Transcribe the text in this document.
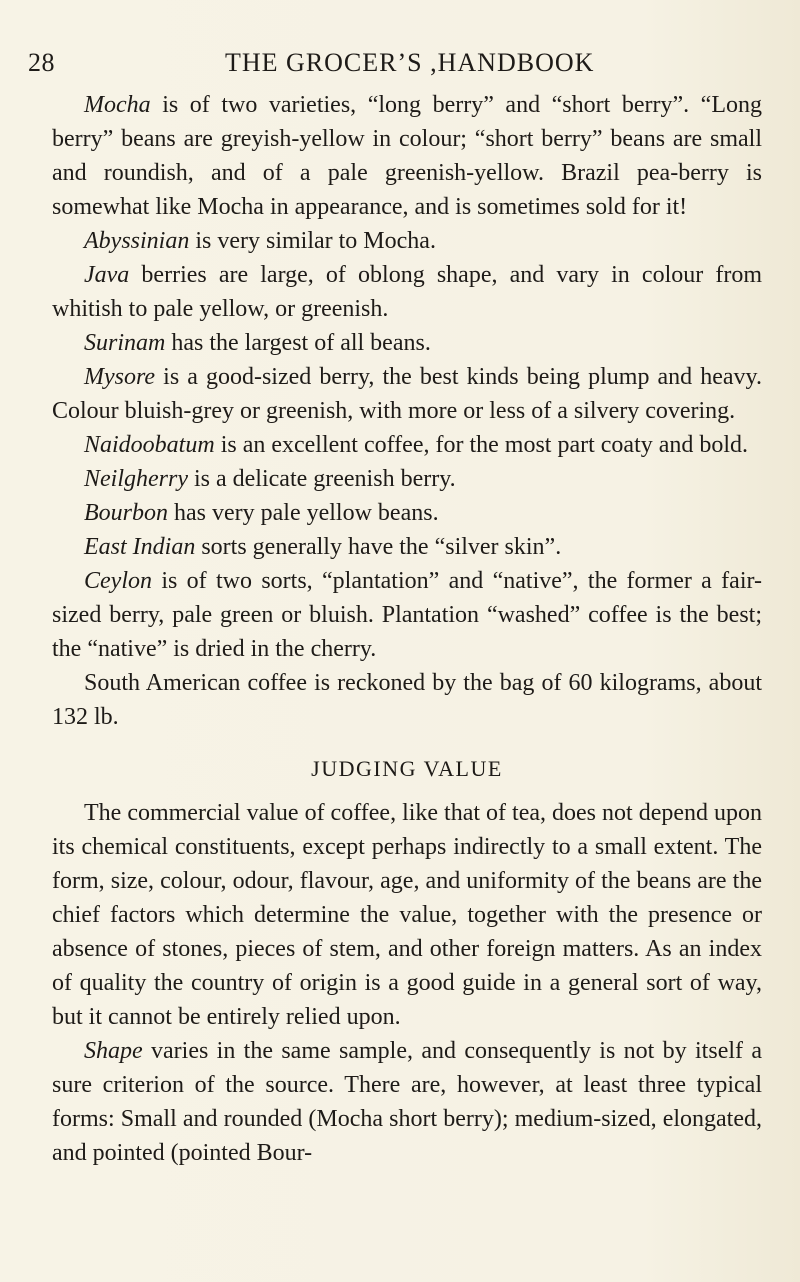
28	THE GROCER’S ,HANDBOOK

Mocha is of two varieties, “long berry” and “short berry”. “Long berry” beans are greyish-yellow in colour; “short berry” beans are small and roundish, and of a pale greenish-yellow. Brazil pea-berry is somewhat like Mocha in appearance, and is sometimes sold for it!

Abyssinian is very similar to Mocha.

Java berries are large, of oblong shape, and vary in colour from whitish to pale yellow, or greenish.

Surinam has the largest of all beans.

Mysore is a good-sized berry, the best kinds being plump and heavy. Colour bluish-grey or greenish, with more or less of a silvery covering.

Naidoobatum is an excellent coffee, for the most part coaty and bold.

Neilgherry is a delicate greenish berry.

Bourbon has very pale yellow beans.

East Indian sorts generally have the “silver skin”.

Ceylon is of two sorts, “plantation” and “native”, the former a fair-sized berry, pale green or bluish. Plantation “washed” coffee is the best; the “native” is dried in the cherry.

South American coffee is reckoned by the bag of 60 kilograms, about 132 lb.

JUDGING VALUE

The commercial value of coffee, like that of tea, does not depend upon its chemical constituents, except perhaps indirectly to a small extent. The form, size, colour, odour, flavour, age, and uniformity of the beans are the chief factors which determine the value, together with the presence or absence of stones, pieces of stem, and other foreign matters. As an index of quality the country of origin is a good guide in a general sort of way, but it cannot be entirely relied upon.

Shape varies in the same sample, and consequently is not by itself a sure criterion of the source. There are, however, at least three typical forms: Small and rounded (Mocha short berry); medium-sized, elongated, and pointed (pointed Bour-
